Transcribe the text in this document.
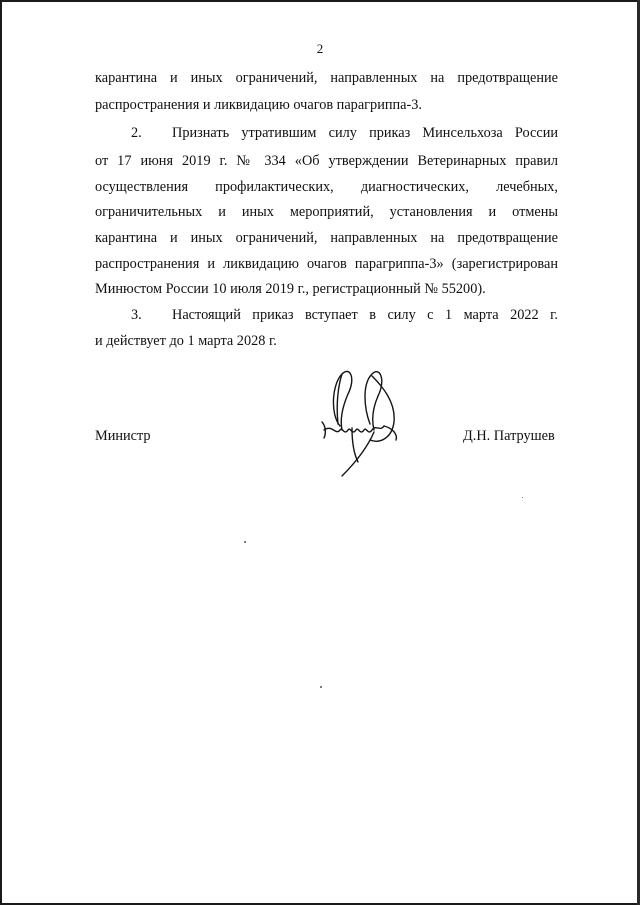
2
карантина и иных ограничений, направленных на предотвращение
распространения и ликвидацию очагов парагриппа-3.
2. Признать утратившим силу приказ Минсельхоза России
от 17 июня 2019 г. № 334 «Об утверждении Ветеринарных правил
осуществления профилактических, диагностических, лечебных,
ограничительных и иных мероприятий, установления и отмены
карантина и иных ограничений, направленных на предотвращение
распространения и ликвидацию очагов парагриппа-3» (зарегистрирован
Минюстом России 10 июля 2019 г., регистрационный № 55200).
3. Настоящий приказ вступает в силу с 1 марта 2022 г.
и действует до 1 марта 2028 г.
Министр	Д.Н. Патрушев
